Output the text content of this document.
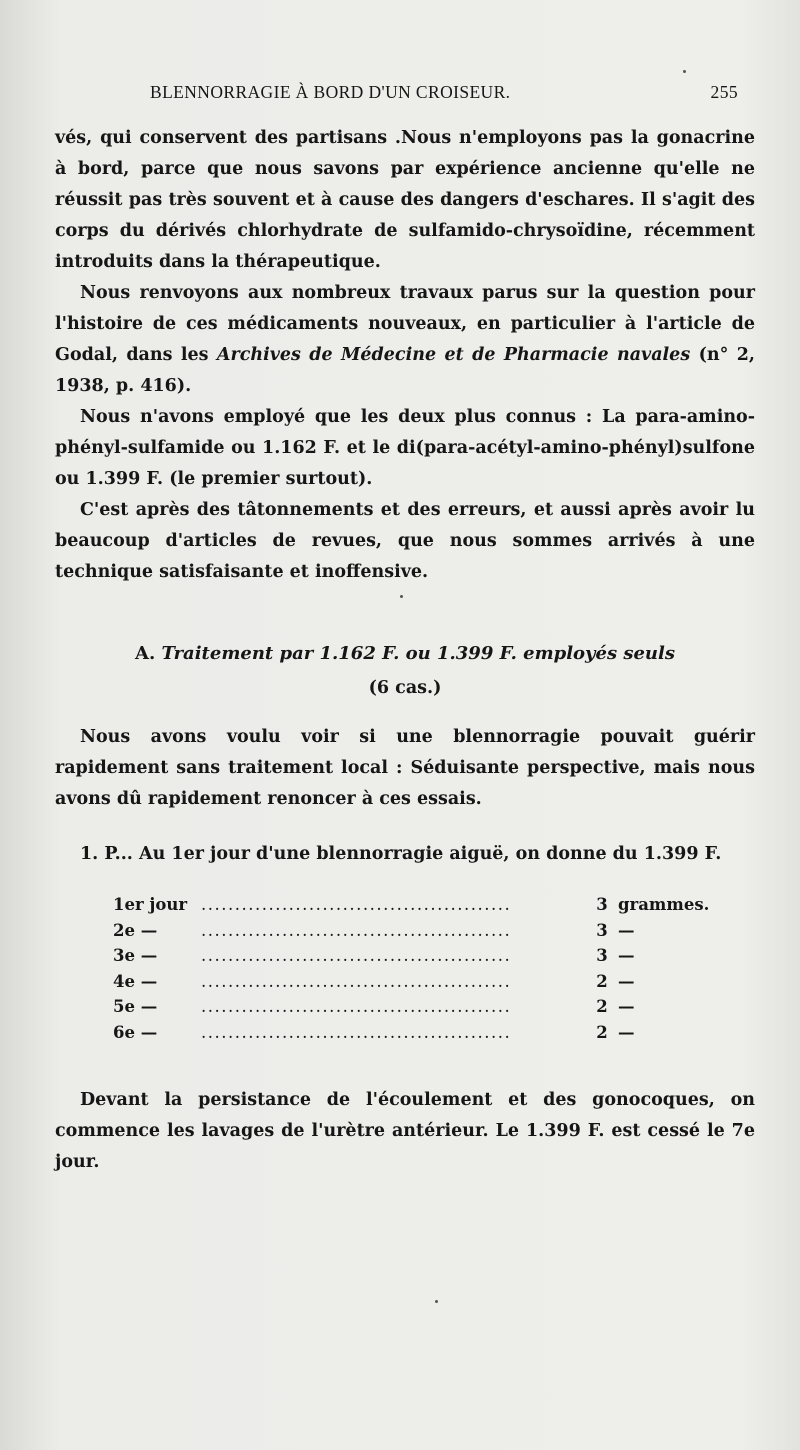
BLENNORRAGIE À BORD D'UN CROISEUR.	255

vés, qui conservent des partisans .Nous n'employons pas la gonacrine à bord, parce que nous savons par expérience ancienne qu'elle ne réussit pas très souvent et à cause des dangers d'eschares. Il s'agit des corps du dérivés chlorhydrate de sulfamido-chrysoïdine, récemment introduits dans la thérapeutique.

Nous renvoyons aux nombreux travaux parus sur la question pour l'histoire de ces médicaments nouveaux, en particulier à l'article de Godal, dans les Archives de Médecine et de Pharmacie navales (n° 2, 1938, p. 416).

Nous n'avons employé que les deux plus connus : La para-amino-phényl-sulfamide ou 1.162 F. et le di(para-acétyl-amino-phényl)sulfone ou 1.399 F. (le premier surtout).

C'est après des tâtonnements et des erreurs, et aussi après avoir lu beaucoup d'articles de revues, que nous sommes arrivés à une technique satisfaisante et inoffensive.

A. Traitement par 1.162 F. ou 1.399 F. employés seuls
(6 cas.)

Nous avons voulu voir si une blennorragie pouvait guérir rapidement sans traitement local : Séduisante perspective, mais nous avons dû rapidement renoncer à ces essais.

1. P... Au 1er jour d'une blennorragie aiguë, on donne du 1.399 F.

1er jour ..............................................	3 grammes.
2e —	..............................................	3 —
3e —	..............................................	3 —
4e —	..............................................	2 —
5e —	..............................................	2 —
6e —	..............................................	2 —

Devant la persistance de l'écoulement et des gonocoques, on commence les lavages de l'urètre antérieur. Le 1.399 F. est cessé le 7e jour.
